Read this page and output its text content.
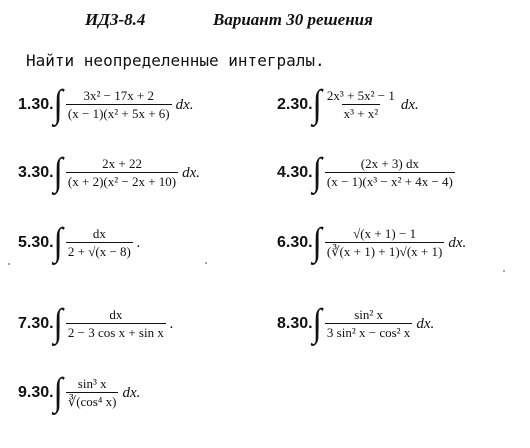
ИДЗ-8.4	Вариант 30 решения
Найти неопределенные интегралы.
1.30. ∫ $\frac{\text{3x² − 17x + 2}}{\text{(x − 1)(x² + 5x + 6)}}$ dx.	2.30. ∫ $\frac{\text{2x³ + 5x² − 1}}{\text{x³ + x²}}$ dx.
3.30. ∫ $\frac{2x + 22}{\text{(x + 2)(x² − 2x + 10)}}$ dx.	4.30. ∫ $\frac{(2x + 3) dx}{\text{(x − 1)(x³ − x² + 4x − 4)}}$
5.30. ∫ $\frac{dx}{2 + √(x - 8)}$ .	6.30. ∫ $\frac{√(x + 1) - 1}{(∛(x + 1) + 1)√(x + 1)}$ dx.
7.30. ∫ $\frac{dx}{\text{2 − 3 cos x + sin x}}$ .	8.30. ∫ $\frac{\text{sin² x}}{\text{3 sin² x − cos² x}}$ dx.
9.30. ∫ $\frac{\text{sin³ x}}{\text{∛(cos⁴ x)}}$ dx.
